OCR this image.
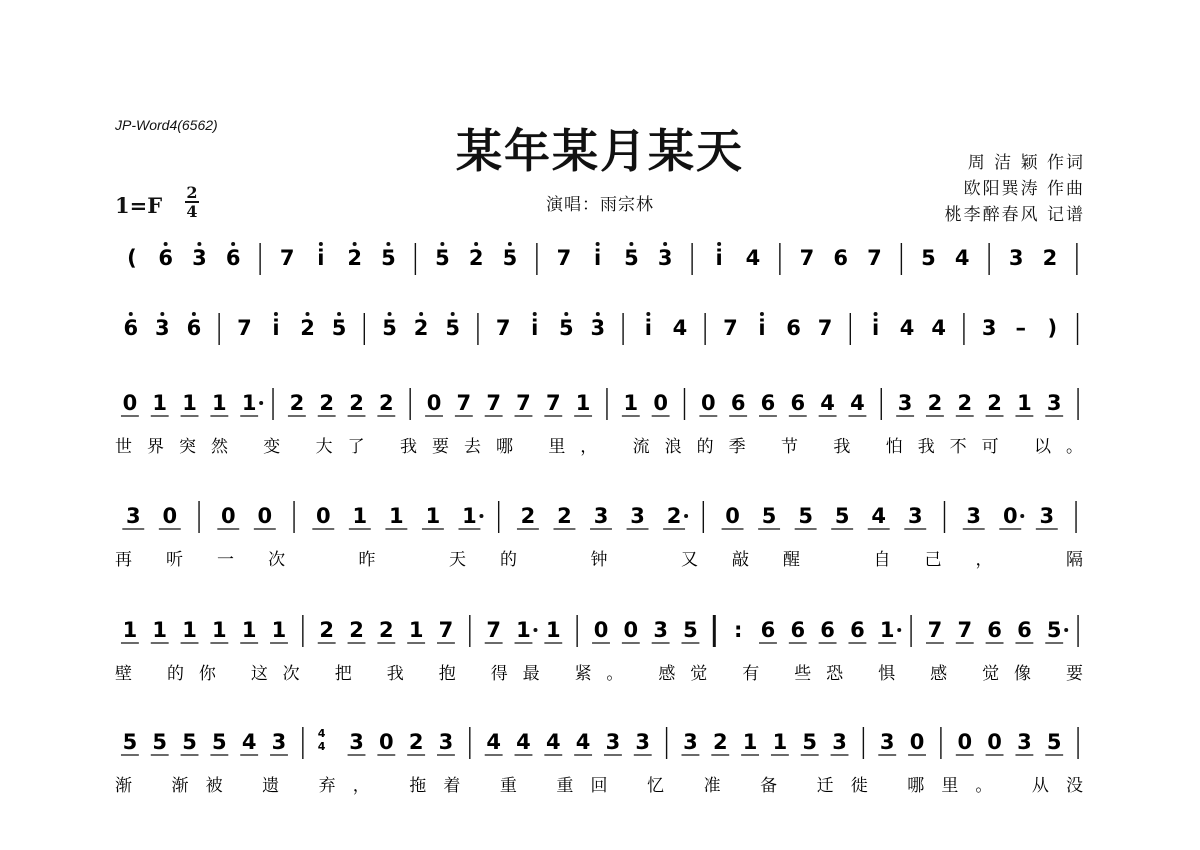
JP-Word4(6562)	某年某月某天	周 洁 颖 作词
欧阳巽涛 作曲
桃李醉春风 记谱
演唱：雨宗林
1=F
2
4
( 6 3 6 7 i 2 5 5 2 5 7 i 5 3 i 4 7 6 7 5 4 3 2
6 3 6 7 i 2 5 5 2 5 7 i 5 3 i 4 7 i 6 7 i 4 4 3 – )
0 1 1 1 1 2 2 2 2 0 7 7 7 7 1 1 0 0 6 6 6 4 4 3 2 2 2 1 3
世界突然 变 大了 我要去哪 里， 流浪的季 节 我 怕我不可 以。
3 0 0 0 0 1 1 1 1 2 2 3 3 2 0 5 5 5 4 3 3 0 3
再听一次 昨 天的 钟 又敲醒 自己， 隔
1 1 1 1 1 1 2 2 2 1 7 7 1 1 0 0 3 5 : 6 6 6 6 1 7 7 6 6 5
壁 的你 这次 把 我 抱 得最 紧。 感觉 有 些恐 惧 感 觉像 要
5 5 5 5 4 3	4
4 3 0 2 3 4 4 4 4 3 3 3 2 1 1 5 3 3 0 0 0 3 5
渐 渐被 遗 弃， 拖着 重 重回 忆 准 备 迁徙 哪里。 从没
